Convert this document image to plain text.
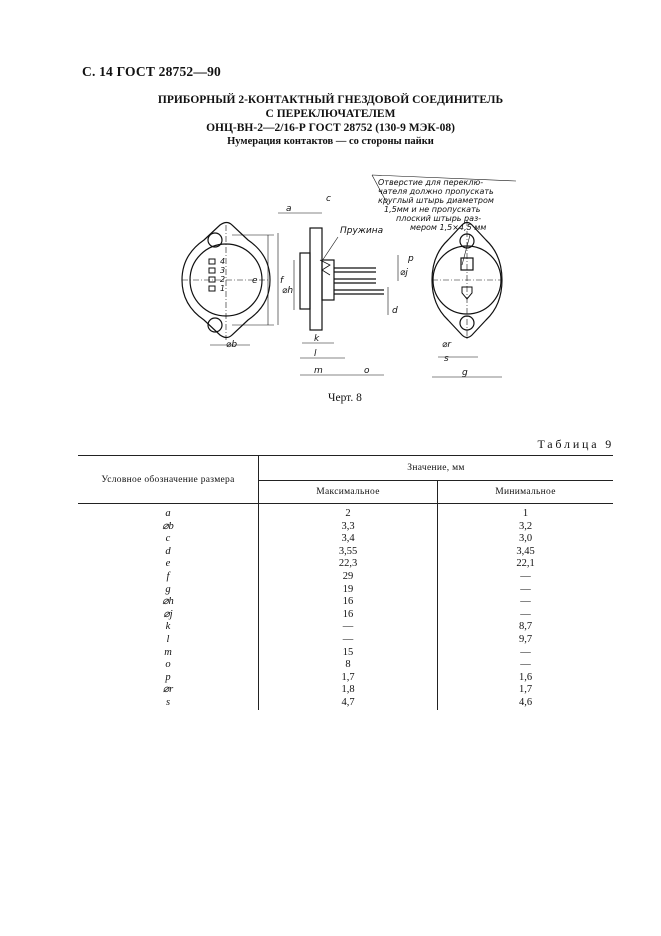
С. 14 ГОСТ 28752—90
ПРИБОРНЫЙ 2-КОНТАКТНЫЙ ГНЕЗДОВОЙ СОЕДИНИТЕЛЬ
С ПЕРЕКЛЮЧАТЕЛЕМ
ОНЦ-ВН-2—2/16-Р ГОСТ 28752 (130-9 МЭК-08)
Нумерация контактов — со стороны пайки
4
3
2
1
e f
⌀b
Пружина
a
c
⌀h
k
l
m	o
⌀j
d
p
Отверстие для переклю-
чателя должно пропускать
круглый штырь диаметром
1,5мм и не пропускать
плоский штырь раз-
мером 1,5×4,5 мм
⌀r
s
g
Черт. 8
Таблица 9
Условное обозначение размера	Значение, мм	
	Максимальное	Минимальное

a	2	1
⌀b	3,3	3,2
c	3,4	3,0
d	3,55	3,45
e	22,3	22,1
f	29	—
g	19	—
⌀h	16	—
⌀j	16	—
k	—	8,7
l	—	9,7
m	15	—
o	8	—
p	1,7	1,6
⌀r	1,8	1,7
s	4,7	4,6
